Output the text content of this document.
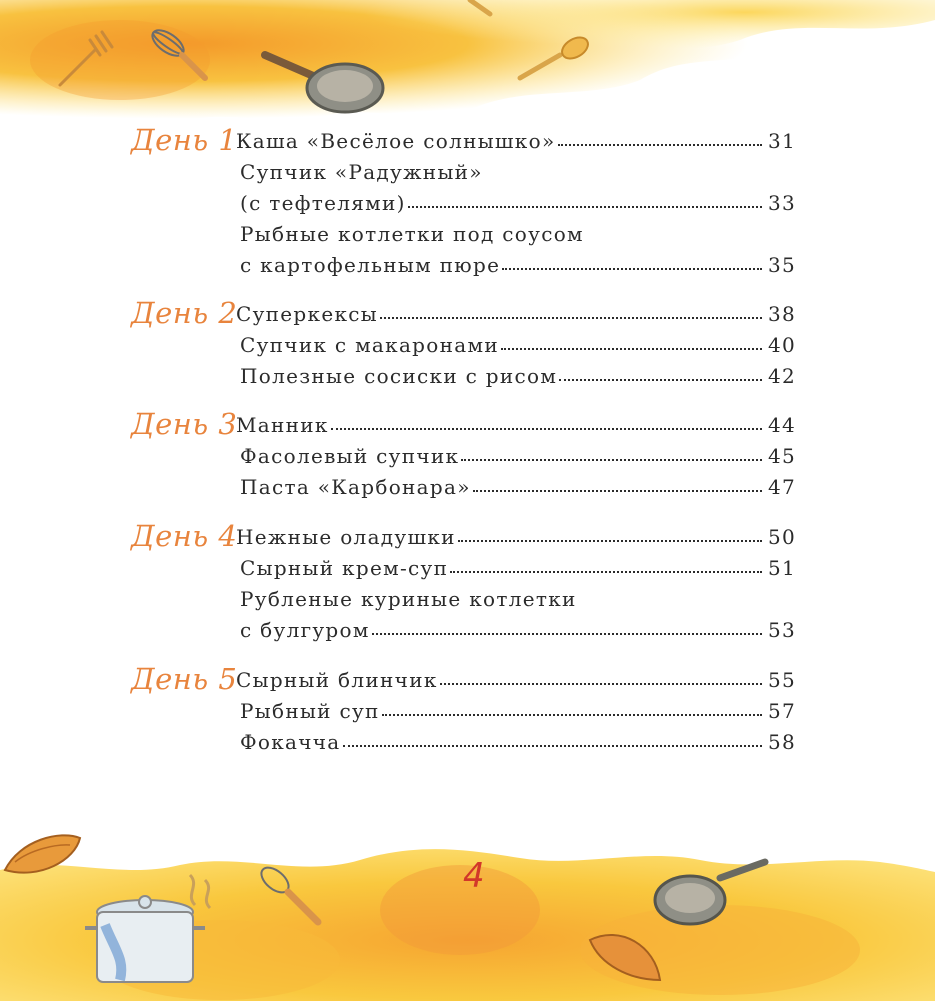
День 1
Каша «Весёлое солнышко»	31
Супчик «Радужный»
(с тефтелями)	33
Рыбные котлетки под соусом
с картофельным пюре	35
День 2
Суперкексы	38
Супчик с макаронами	40
Полезные сосиски с рисом	42
День 3
Манник	44
Фасолевый супчик	45
Паста «Карбонара»	47
День 4
Нежные оладушки	50
Сырный крем-суп	51
Рубленые куриные котлетки
с булгуром	53
День 5
Сырный блинчик	55
Рыбный суп	57
Фокачча	58
4
